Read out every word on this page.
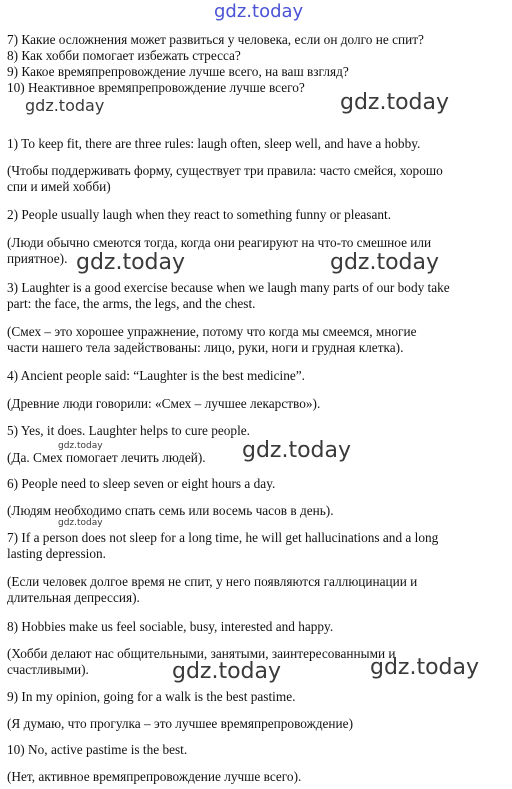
gdz.today
7) Какие осложнения может развиться у человека, если он долго не спит?
8) Как хобби помогает избежать стресса?
9) Какое времяпрепровождение лучше всего, на ваш взгляд?
10) Неактивное времяпрепровождение лучше всего?
gdz.today	gdz.today
1) To keep fit, there are three rules: laugh often, sleep well, and have a hobby.
(Чтобы поддерживать форму, существует три правила: часто смейся, хорошо
спи и имей хобби)
2) People usually laugh when they react to something funny or pleasant.
(Люди обычно смеются тогда, когда они реагируют на что-то смешное или
приятное). gdz.today	gdz.today
3) Laughter is a good exercise because when we laugh many parts of our body take
part: the face, the arms, the legs, and the chest.
(Смех – это хорошее упражнение, потому что когда мы смеемся, многие
части нашего тела задействованы: лицо, руки, ноги и грудная клетка).
4) Ancient people said: “Laughter is the best medicine”.
(Древние люди говорили: «Смех – лучшее лекарство»).
5) Yes, it does. Laughter helps to cure people.
gdz.today
(Да. Смех помогает лечить людей). gdz.today
6) People need to sleep seven or eight hours a day.
(Людям необходимо спать семь или восемь часов в день).
gdz.today
7) If a person does not sleep for a long time, he will get hallucinations and a long
lasting depression.
(Если человек долгое время не спит, у него появляются галлюцинации и
длительная депрессия).
8) Hobbies make us feel sociable, busy, interested and happy.
(Хобби делают нас общительными, занятыми, заинтересованными и
счастливыми).	gdz.today	gdz.today
9) In my opinion, going for a walk is the best pastime.
(Я думаю, что прогулка – это лучшее времяпрепровождение)
10) No, active pastime is the best.
(Нет, активное времяпрепровождение лучше всего).
